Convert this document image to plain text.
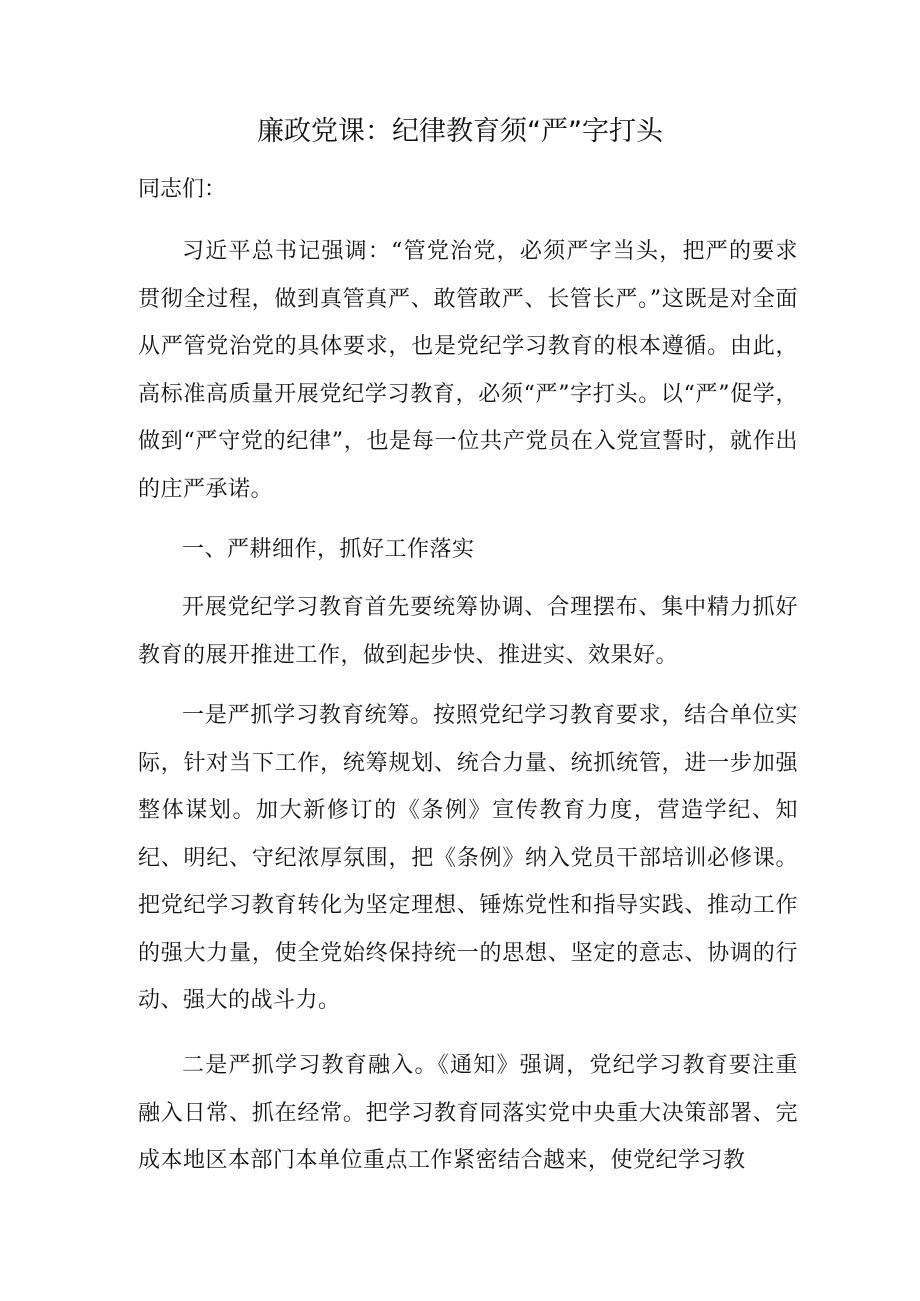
廉政党课：纪律教育须“严”字打头
同志们：
习近平总书记强调：“管党治党，必须严字当头，把严的要求贯彻全过程，做到真管真严、敢管敢严、长管长严。”这既是对全面从严管党治党的具体要求，也是党纪学习教育的根本遵循。由此，高标准高质量开展党纪学习教育，必须“严”字打头。以“严”促学，做到“严守党的纪律”，也是每一位共产党员在入党宣誓时，就作出的庄严承诺。
一、严耕细作，抓好工作落实
开展党纪学习教育首先要统筹协调、合理摆布、集中精力抓好教育的展开推进工作，做到起步快、推进实、效果好。
一是严抓学习教育统筹。按照党纪学习教育要求，结合单位实际，针对当下工作，统筹规划、统合力量、统抓统管，进一步加强整体谋划。加大新修订的《条例》宣传教育力度，营造学纪、知纪、明纪、守纪浓厚氛围，把《条例》纳入党员干部培训必修课。把党纪学习教育转化为坚定理想、锤炼党性和指导实践、推动工作的强大力量，使全党始终保持统一的思想、坚定的意志、协调的行动、强大的战斗力。
二是严抓学习教育融入。《通知》强调，党纪学习教育要注重融入日常、抓在经常。把学习教育同落实党中央重大决策部署、完成本地区本部门本单位重点工作紧密结合越来，使党纪学习教
